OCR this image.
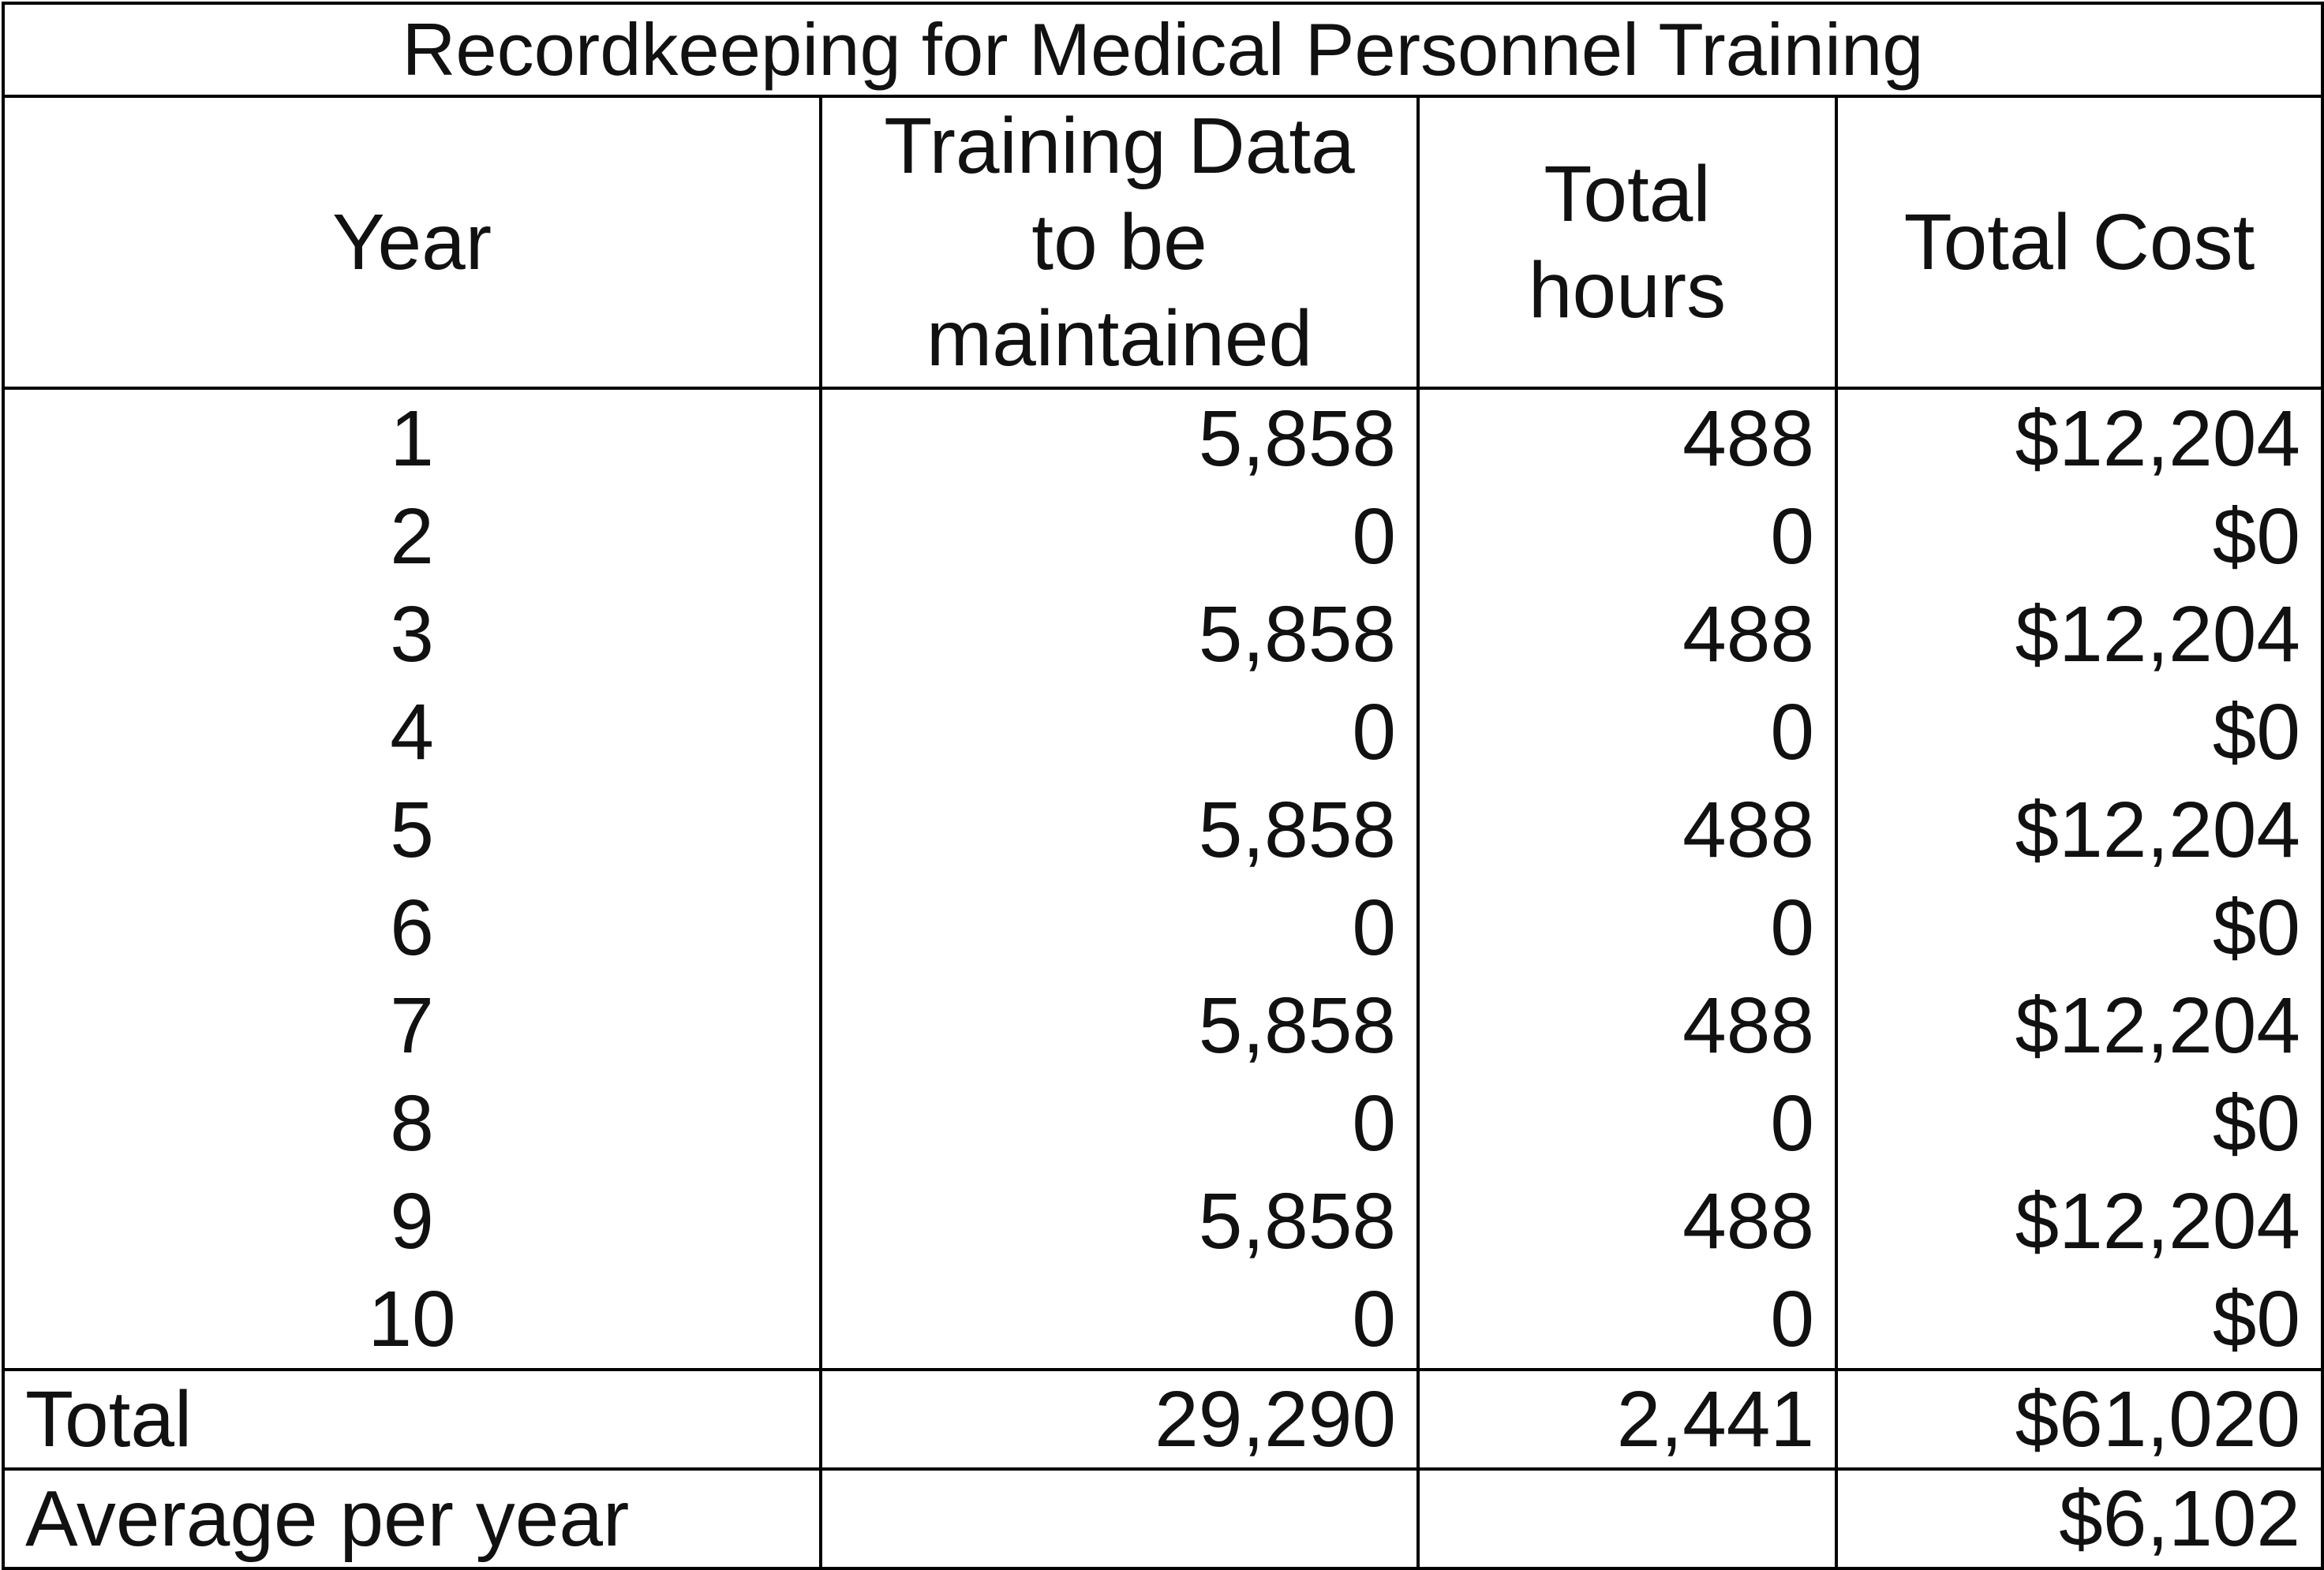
Recordkeeping for Medical Personnel Training			
Year	Training Data to be maintained	Total hours	Total Cost
1	5,858	488	$12,204
2	0	0	$0
3	5,858	488	$12,204
4	0	0	$0
5	5,858	488	$12,204
6	0	0	$0
7	5,858	488	$12,204
8	0	0	$0
9	5,858	488	$12,204
10	0	0	$0
Total	29,290	2,441	$61,020
Average per year			$6,102
